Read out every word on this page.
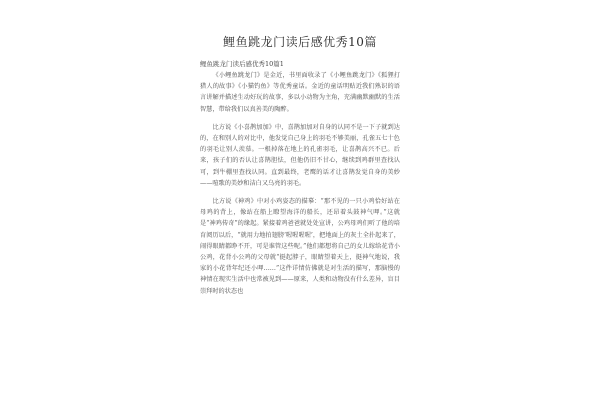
鲤鱼跳龙门读后感优秀10篇
鲤鱼跳龙门读后感优秀10篇1

《小鲤鱼跳龙门》是金近，书里面收录了《小鲤鱼跳龙门》《狐狸打猎人的故事》《小猫钓鱼》等优秀童话。金近的童话明贴近我们熟识的语言讲解并描述生动好玩的故事，多以小动物为主角，充满幽默幽默的生活智慧，带给我们以真善美的陶醉。

比方说《小喜鹊加加》中，喜鹊加加对自身的认同不是一下子就到达的，在和别人的对比中，他发觉自己身上的羽毛不够美丽，孔雀五七十色的羽毛让别人羡慕。一根掉落在地上的孔雀羽毛，让喜鹊高兴不已。后来，孩子们的否认让喜鹊胆怯，但他仍旧不甘心，继续到鸡群里查找认可，到牛棚里查找认同。直到最终，老鹰的话才让喜鹊发觉自身的美妙——喧歌的美妙和洁白又乌亮的羽毛。

比方说《神鸡》中对小鸡姿态的描摹：“那不见的一只小鸡恰好站在母鸡的背上，像站在船上瞭望海洋的船长，还昂着头鼓神气呷。”这就是“神鸡传奇”的缘起。紧接着鸡爸爸就处处宣讲，公鸡母鸡们听了他的培育阅历以后，“就用力地拍翅膀‘喔喔喔喔’，把地面上的灰土全扑起来了，闹得眼睛都睁不开，可是谁管这些呢。”他们都想将自己的女儿嫁给花背小公鸡，花背小公鸡的父母就“挺起脖子，眼睛望着天上，挺神气地说，我家的小花背年纪还小呷……”这件详情仿佛就是对生活的描写，那脑慢的神情在现实生活中也常被见到——原来，人类和动物没有什么差异，盲目崇拜时的状态也
